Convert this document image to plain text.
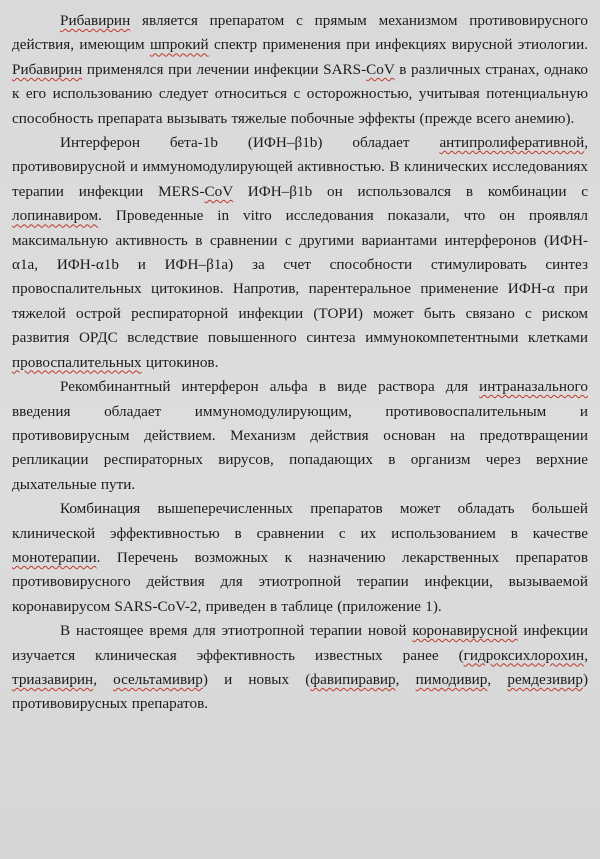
Рибавирин является препаратом с прямым механизмом противовирусного действия, имеющим шпрокий спектр применения при инфекциях вирусной этиологии. Рибавирин применялся при лечении инфекции SARS-CoV в различных странах, однако к его использованию следует относиться с осторожностью, учитывая потенциальную способность препарата вызывать тяжелые побочные эффекты (прежде всего анемию).

Интерферон бета-1b (ИФН–β1b) обладает антипролиферативной, противовирусной и иммуномодулирующей активностью. В клинических исследованиях терапии инфекции MERS-CoV ИФН–β1b он использовался в комбинации с лопинавиром. Проведенные in vitro исследования показали, что он проявлял максимальную активность в сравнении с другими вариантами интерферонов (ИФН-α1a, ИФН-α1b и ИФН–β1a) за счет способности стимулировать синтез провоспалительных цитокинов. Напротив, парентеральное применение ИФН-α при тяжелой острой респираторной инфекции (ТОРИ) может быть связано с риском развития ОРДС вследствие повышенного синтеза иммунокомпетентными клетками провоспалительных цитокинов.

Рекомбинантный интерферон альфа в виде раствора для интраназального введения обладает иммуномодулирующим, противовоспалительным и противовирусным действием. Механизм действия основан на предотвращении репликации респираторных вирусов, попадающих в организм через верхние дыхательные пути.

Комбинация вышеперечисленных препаратов может обладать большей клинической эффективностью в сравнении с их использованием в качестве монотерапии. Перечень возможных к назначению лекарственных препаратов противовирусного действия для этиотропной терапии инфекции, вызываемой коронавирусом SARS-CoV-2, приведен в таблице (приложение 1).

В настоящее время для этиотропной терапии новой коронавирусной инфекции изучается клиническая эффективность известных ранее (гидроксихлорохин, триазавирин, осельтамивир) и новых (фавипиравир, пимодивир, ремдезивир) противовирусных препаратов.
